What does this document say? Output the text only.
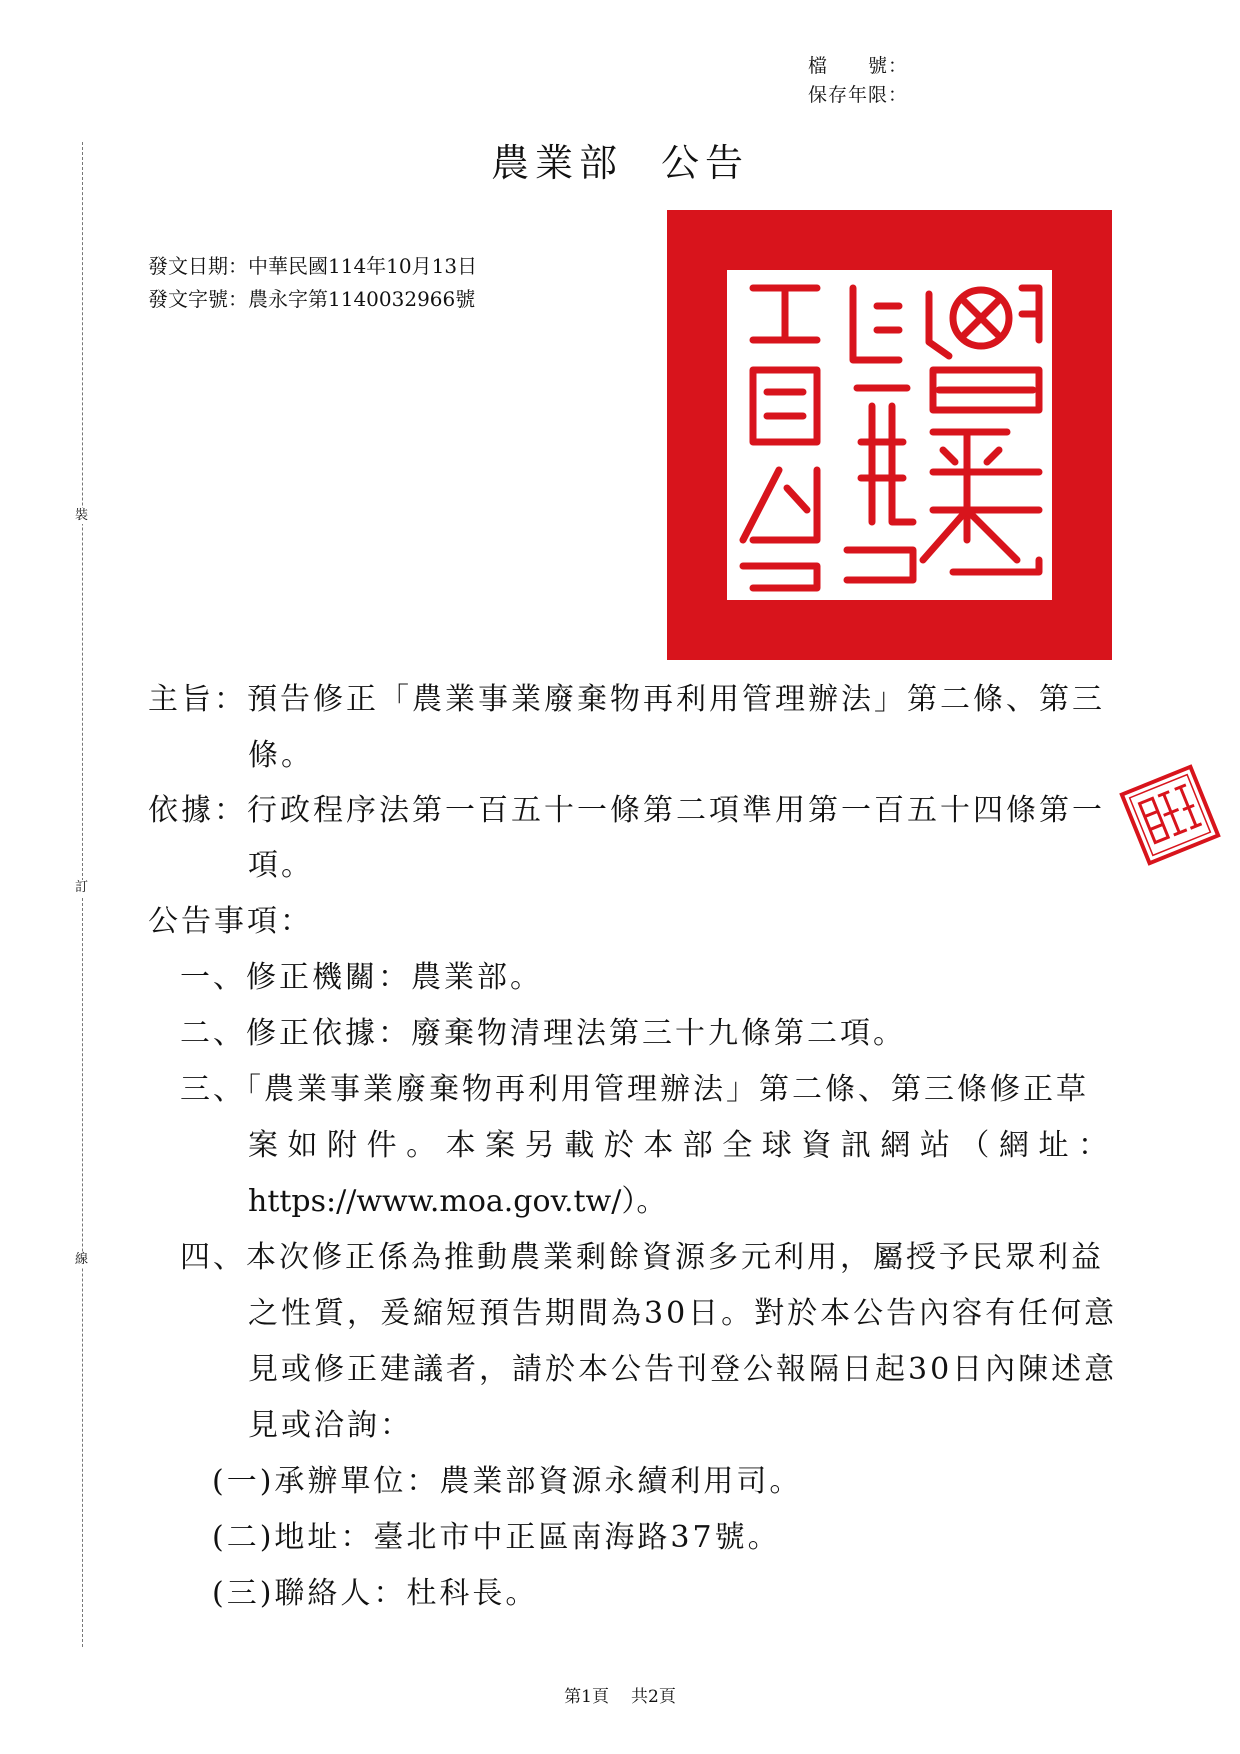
裝
訂
線
檔　　號：
保存年限：
農業部 公告
發文日期：中華民國114年10月13日
發文字號：農永字第1140032966號
主旨：預告修正「農業事業廢棄物再利用管理辦法」第二條、第三
條。
依據：行政程序法第一百五十一條第二項準用第一百五十四條第一
項。
公告事項：
一、修正機關：農業部。
二、修正依據：廢棄物清理法第三十九條第二項。
三、「農業事業廢棄物再利用管理辦法」第二條、第三條修正草
案如附件。本案另載於本部全球資訊網站（網址：
https://www.moa.gov.tw/）。
四、本次修正係為推動農業剩餘資源多元利用，屬授予民眾利益
之性質，爰縮短預告期間為30日。對於本公告內容有任何意
見或修正建議者，請於本公告刊登公報隔日起30日內陳述意
見或洽詢：
(一)承辦單位：農業部資源永續利用司。
(二)地址：臺北市中正區南海路37號。
(三)聯絡人：杜科長。
第1頁 共2頁
